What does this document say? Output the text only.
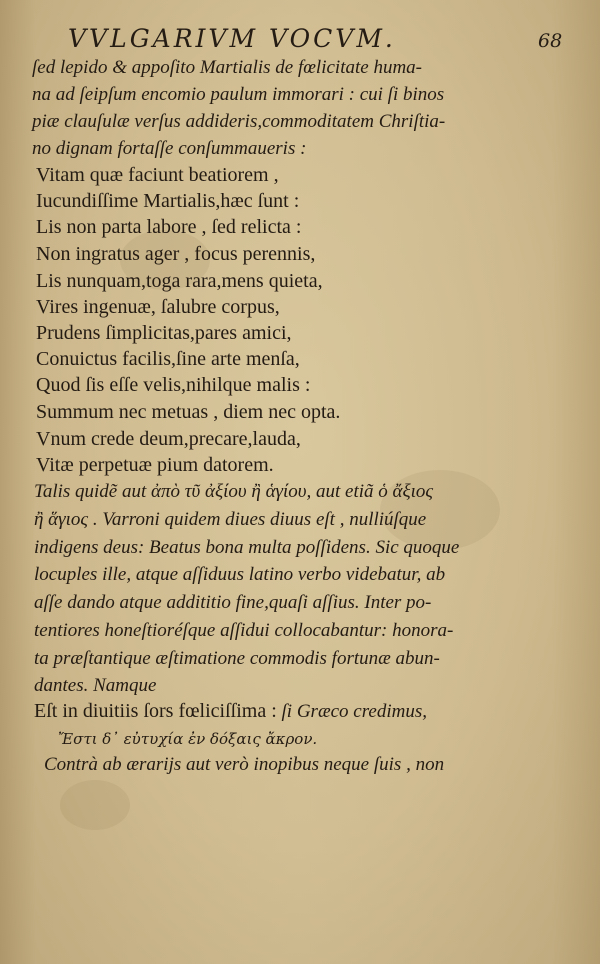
VVLGARIVM VOCVM.	68
ſed lepido & appoſito Martialis de fœlicitate huma-
na ad ſeipſum encomio paulum immorari : cui ſi binos
piæ clauſulæ verſus addideris,commoditatem Chriſtia-
no dignam fortaſſe conſummaueris :
Vitam quæ faciunt beatiorem ,
Iucundiſſime Martialis,hæc ſunt :
Lis non parta labore , ſed relicta :
Non ingratus ager , focus perennis,
Lis nunquam,toga rara,mens quieta,
Vires ingenuæ, ſalubre corpus,
Prudens ſimplicitas,pares amici,
Conuictus facilis,ſine arte menſa,
Quod ſis eſſe velis,nihilque malis :
Summum nec metuas , diem nec opta.
Vnum crede deum,precare,lauda,
Vitæ perpetuæ pium datorem.
Talis quidẽ aut ἀπὸ τῦ ἀξίου ἢ ἁγίου, aut etiã ὁ ἄξιος
ἢ ἅγιος . Varroni quidem diues diuus eſt , nulliúſque
indigens deus: Beatus bona multa poſſidens. Sic quoque
locuples ille, atque aſſiduus latino verbo videbatur, ab
aſſe dando atque addititio fine,quaſi aſſius. Inter po-
tentiores honeſtioréſque aſſidui collocabantur: honora-
ta præſtantique æſtimatione commodis fortunæ abun-
dantes. Namque
Eſt in diuitiis ſors fœliciſſima : ſi Græco credimus,
Ἔστι δ᾽ εὐτυχία ἐν δόξαις ἄκρον.
Contrà ab ærarijs aut verò inopibus neque ſuis , non
